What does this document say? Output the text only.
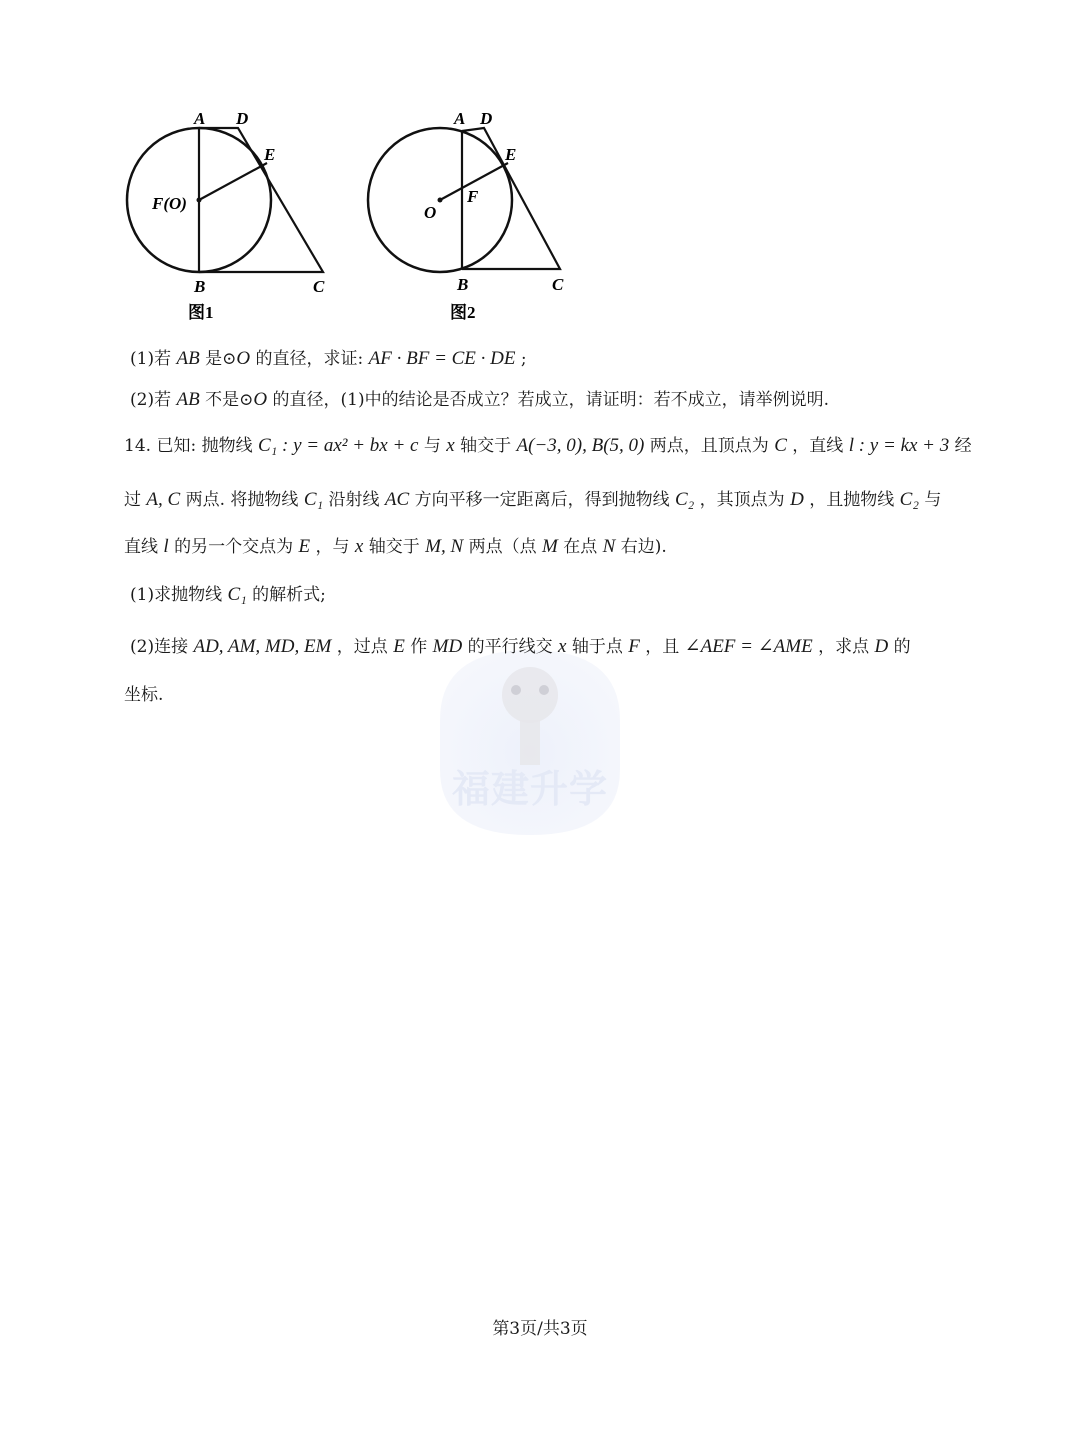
A D
E
F(O)
B	C
图1
A D
E
O
F
B	C
图2
福建升学
(1)若 AB 是⊙O 的直径，求证: AF · BF = CE · DE ;
(2)若 AB 不是⊙O 的直径，(1)中的结论是否成立？若成立，请证明：若不成立，请举例说明.
14. 已知: 抛物线 C₁ : y = ax² + bx + c 与 x 轴交于 A(−3, 0), B(5, 0) 两点，且顶点为 C ，直线 l : y = kx + 3 经
过 A, C 两点. 将抛物线 C₁ 沿射线 AC 方向平移一定距离后，得到抛物线 C₂ ，其顶点为 D ，且抛物线 C₂ 与
直线 l 的另一个交点为 E ，与 x 轴交于 M, N 两点（点 M 在点 N 右边).
(1)求抛物线 C₁ 的解析式;
(2)连接 AD, AM, MD, EM ，过点 E 作 MD 的平行线交 x 轴于点 F ，且 ∠AEF = ∠AME ，求点 D 的
坐标.
第3页/共3页
